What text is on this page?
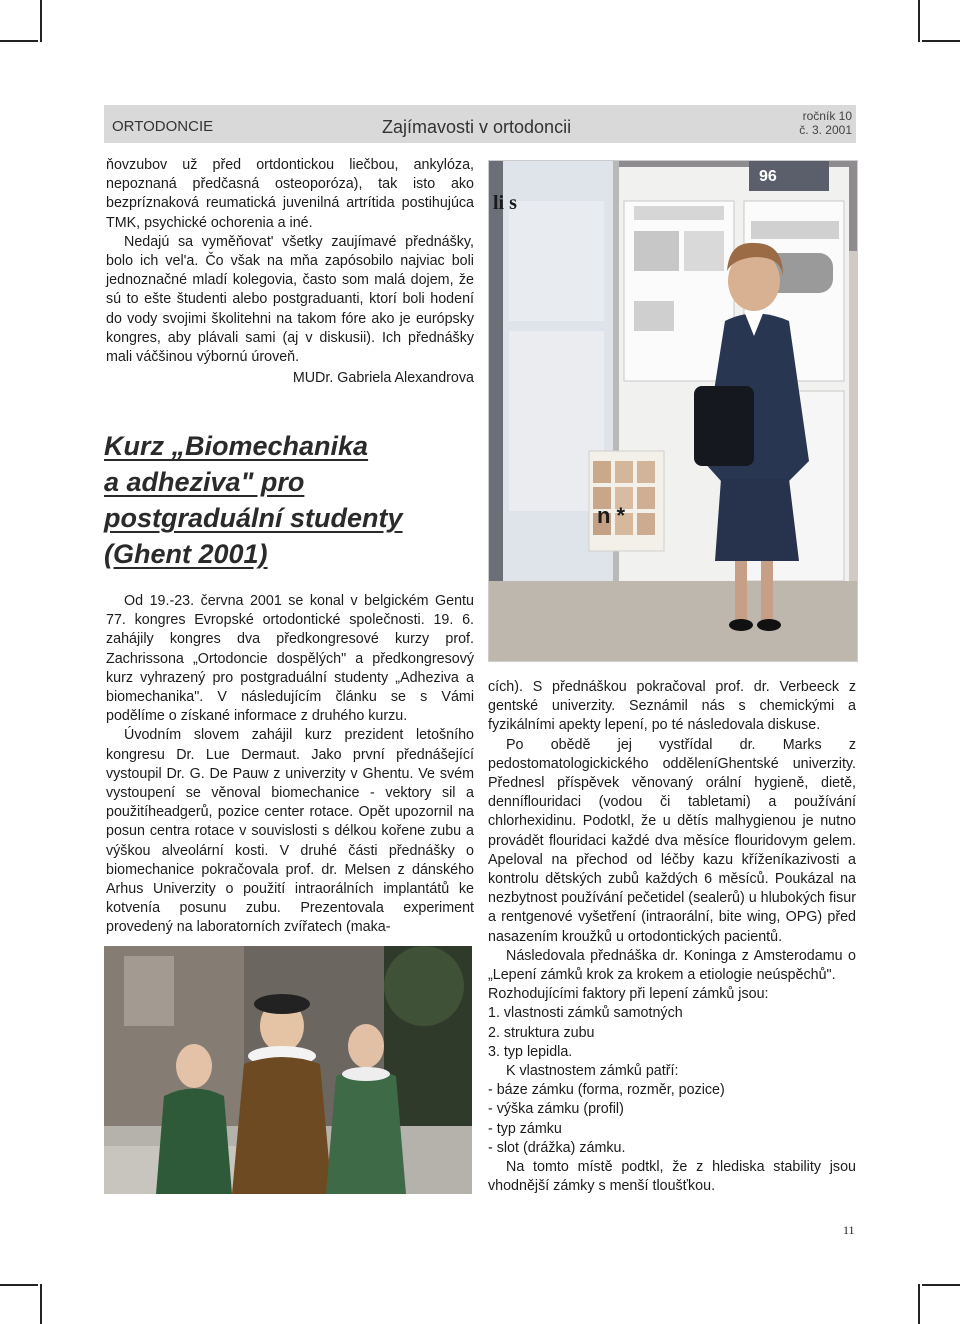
ORTODONCIE	Zajímavosti v ortodoncii
ročník 10
č. 3. 2001

ňovzubov už před ortdontickou liečbou, ankylóza, nepoznaná předčasná osteoporóza), tak isto ako bezpríznaková reumatická juvenilná artrítida postihujúca TMK, psychické ochorenia a iné.

Nedajú sa vyměňovat' všetky zaujímavé přednášky, bolo ich vel'a. Čo však na mňa zapósobilo najviac boli jednoznačné mladí kolegovia, často som malá dojem, že sú to ešte študenti alebo postgraduanti, ktorí boli hodení do vody svojimi školitehni na takom fóre ako je európsky kongres, aby plávali sami (aj v diskusii). Ich přednášky mali váčšinou výbornú úroveň.

MUDr. Gabriela Alexandrova

Kurz „Biomechanika
a adheziva" pro
postgraduální studenty
(Ghent 2001)
96
li s
n *

Od 19.-23. června 2001 se konal v belgickém Gentu 77. kongres Evropské ortodontické společnosti. 19. 6. zahájily kongres dva předkongresové kurzy prof. Zachrissona „Ortodoncie dospělých" a předkongresový kurz vyhrazený pro postgraduální studenty „Adheziva a biomechanika". V následujícím článku se s Vámi podělíme o získané informace z druhého kurzu.

Úvodním slovem zahájil kurz prezident letošního kongresu Dr. Lue Dermaut. Jako první přednášející vystoupil Dr. G. De Pauw z univerzity v Ghentu. Ve svém vystoupení se věnoval biomechanice - vektory sil a použitíheadgerů, pozice center rotace. Opět upozornil na posun centra rotace v souvislosti s délkou kořene zubu a výškou alveolární kosti. V druhé části přednášky o biomechanice pokračovala prof. dr. Melsen z dánského Arhus Univerzity o použití intraorálních implantátů ke kotvenía posunu zubu. Prezentovala experiment provedený na laboratorních zvířatech (maka-

cích). S přednáškou pokračoval prof. dr. Verbeeck z gentské univerzity. Seznámil nás s chemickými a fyzikálními apekty lepení, po té následovala diskuse.

Po obědě jej vystřídal dr. Marks z pedostomatologickického odděleníGhentské univerzity. Přednesl příspěvek věnovaný orální hygieně, dietě, denníflouridaci (vodou či tabletami) a používání chlorhexidinu. Podotkl, že u dětís malhygienou je nutno provádět flouridaci každé dva měsíce flouridovym gelem. Apeloval na přechod od léčby kazu kříženíkazivosti a kontrolu dětských zubů každých 6 měsíců. Poukázal na nezbytnost používání pečetidel (sealerů) u hlubokých fisur a rentgenové vyšetření (intraorální, bite wing, OPG) před nasazením kroužků u ortodontických pacientů.

Následovala přednáška dr. Koninga z Amsterodamu o „Lepení zámků krok za krokem a etiologie neúspěchů".

Rozhodujícími faktory při lepení zámků jsou:

1. vlastnosti zámků samotných

2. struktura zubu

3. typ lepidla.

K vlastnostem zámků patří:

- báze zámku (forma, rozměr, pozice)

- výška zámku (profil)

- typ zámku

- slot (drážka) zámku.

Na tomto místě podtkl, že z hlediska stability jsou vhodnější zámky s menší tloušťkou.

11
